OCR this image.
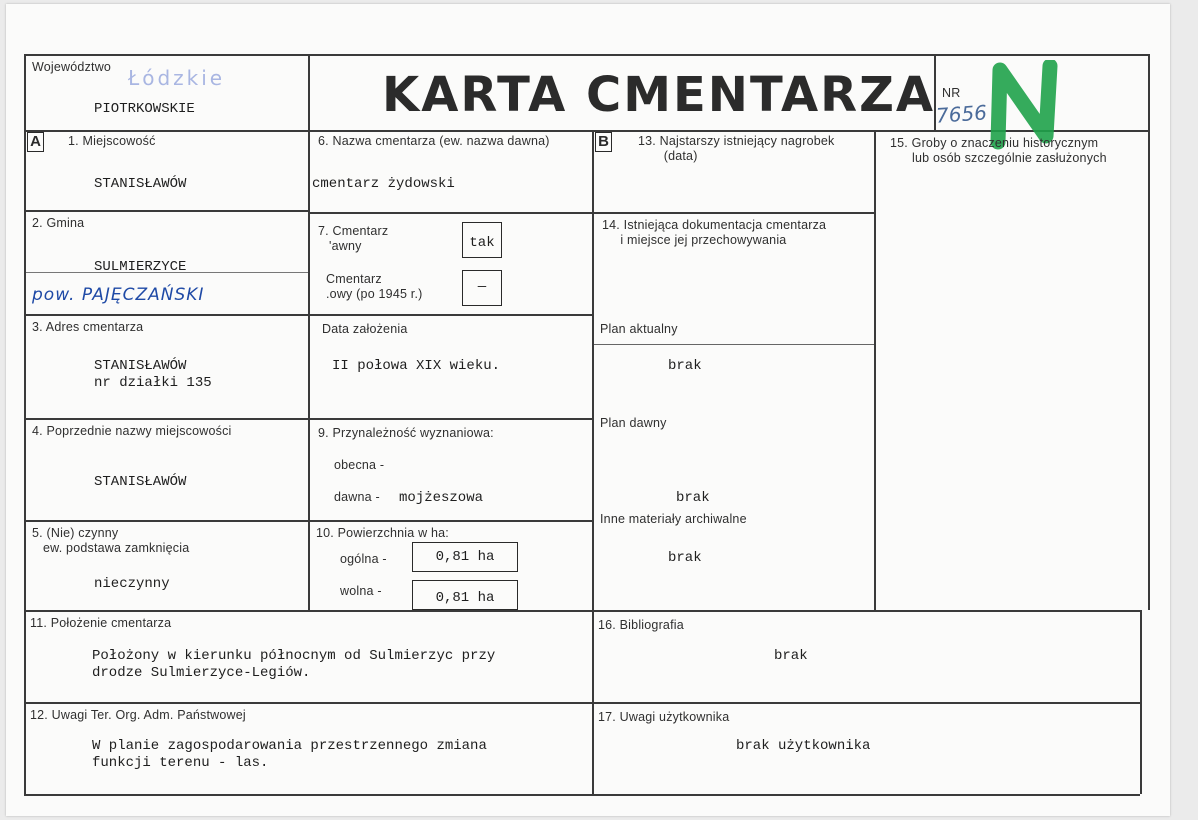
Województwo Łódzkie
PIOTRKOWSKIE	KARTA CMENTARZA NR
7656
A 1. Miejscowość
STANISŁAWÓW
2. Gmina
SULMIERZYCE
pow. PAJĘCZAŃSKI
3. Adres cmentarza
STANISŁAWÓW
nr działki 135
4. Poprzednie nazwy miejscowości
STANISŁAWÓW
5. (Nie) czynny
ew. podstawa zamknięcia
nieczynny
6. Nazwa cmentarza (ew. nazwa dawna)
cmentarz żydowski
7. Cmentarz
'awny	tak
Cmentarz
.owy (po 1945 r.)	—
Data założenia
II połowa XIX wieku.
9. Przynależność wyznaniowa:
obecna -
dawna - mojżeszowa
10. Powierzchnia w ha:
ogólna -	0,81 ha
wolna -	0,81 ha
B 13. Najstarszy istniejący nagrobek
(data)
14. Istniejąca dokumentacja cmentarza
i miejsce jej przechowywania
Plan aktualny
brak
Plan dawny
brak
Inne materiały archiwalne
brak
15. Groby o znaczeniu historycznym
lub osób szczególnie zasłużonych
11. Położenie cmentarza
Położony w kierunku północnym od Sulmierzyc przy
drodze Sulmierzyce-Legiów.
16. Bibliografia
brak
12. Uwagi Ter. Org. Adm. Państwowej
W planie zagospodarowania przestrzennego zmiana
funkcji terenu - las.
17. Uwagi użytkownika
brak użytkownika
